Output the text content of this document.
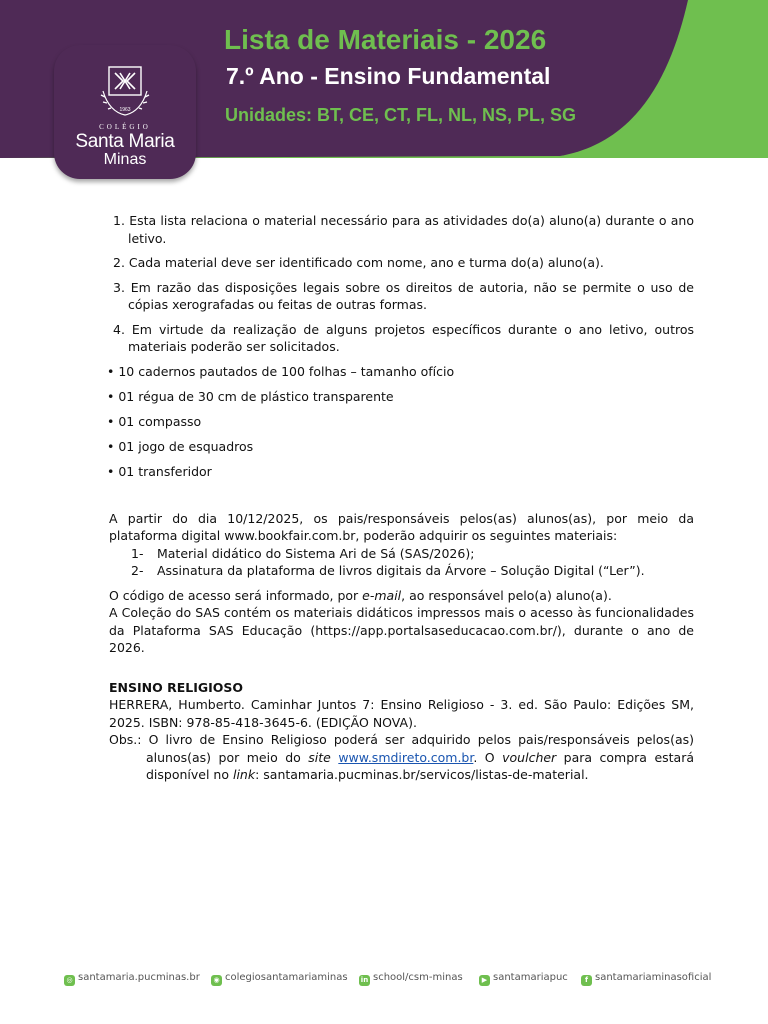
1963
COLÉGIO
Santa Maria
Minas
Lista de Materiais - 2026
7.º Ano - Ensino Fundamental
Unidades: BT, CE, CT, FL, NL, NS, PL, SG
1. Esta lista relaciona o material necessário para as atividades do(a) aluno(a) durante o ano letivo.
2. Cada material deve ser identificado com nome, ano e turma do(a) aluno(a).
3. Em razão das disposições legais sobre os direitos de autoria, não se permite o uso de cópias xerografadas ou feitas de outras formas.
4. Em virtude da realização de alguns projetos específicos durante o ano letivo, outros materiais poderão ser solicitados.
• 10 cadernos pautados de 100 folhas – tamanho ofício
• 01 régua de 30 cm de plástico transparente
• 01 compasso
• 01 jogo de esquadros
• 01 transferidor

A partir do dia 10/12/2025, os pais/responsáveis pelos(as) alunos(as), por meio da plataforma digital www.bookfair.com.br, poderão adquirir os seguintes materiais:

1- Material didático do Sistema Ari de Sá (SAS/2026);
2- Assinatura da plataforma de livros digitais da Árvore – Solução Digital (“Ler”).

O código de acesso será informado, por e-mail, ao responsável pelo(a) aluno(a).

A Coleção do SAS contém os materiais didáticos impressos mais o acesso às funcionalidades da Plataforma SAS Educação (https://app.portalsaseducacao.com.br/), durante o ano de 2026.

ENSINO RELIGIOSO

HERRERA, Humberto. Caminhar Juntos 7: Ensino Religioso - 3. ed. São Paulo: Edições SM, 2025. ISBN: 978-85-418-3645-6. (EDIÇÃO NOVA).

Obs.: O livro de Ensino Religioso poderá ser adquirido pelos pais/responsáveis pelos(as) alunos(as) por meio do site www.smdireto.com.br. O voulcher para compra estará disponível no link: santamaria.pucminas.br/servicos/listas-de-material.

◎ santamaria.pucminas.br	◉ colegiosantamariaminas in school/csm-minas	▶ santamariapuc	f santamariaminasoficial
